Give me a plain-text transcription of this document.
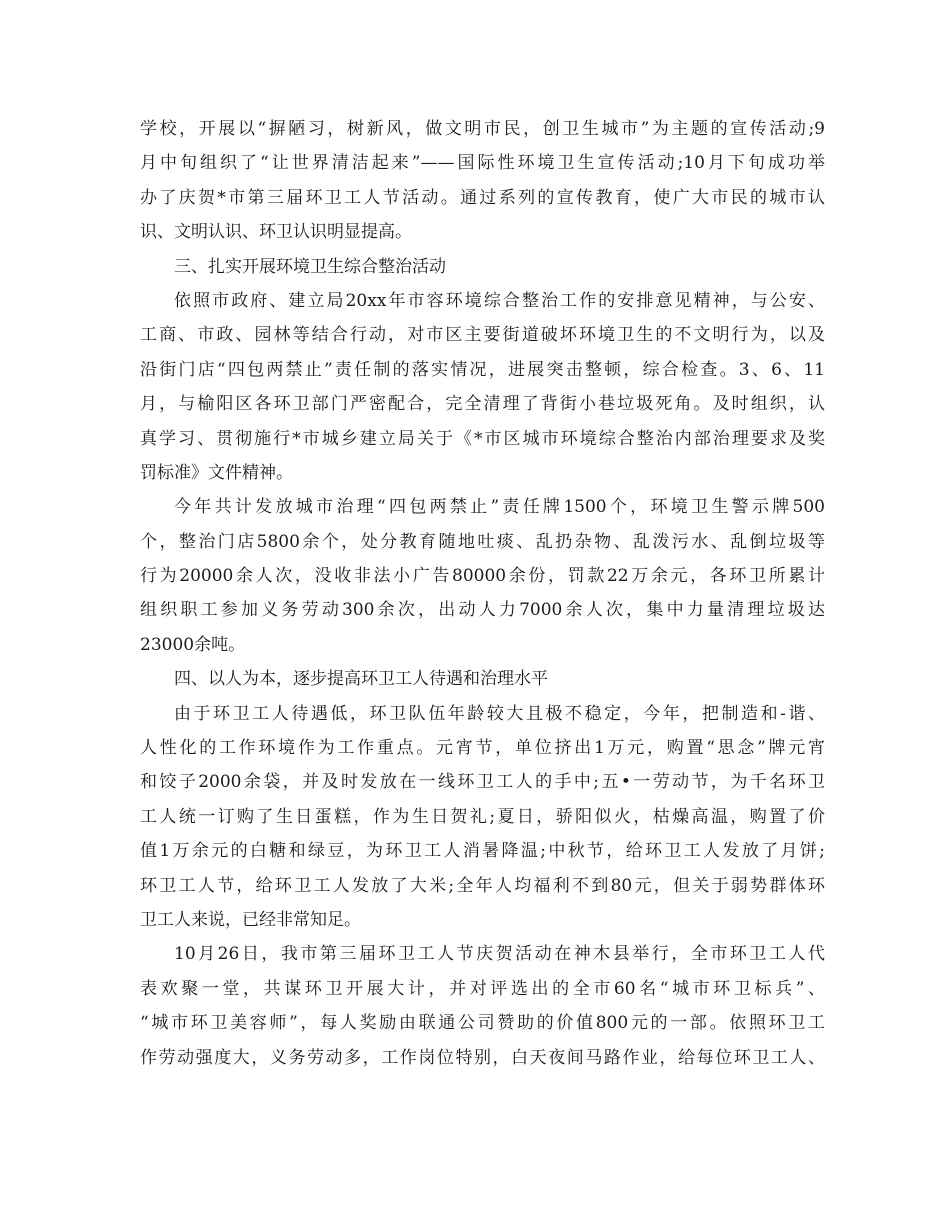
学校，开展以“摒陋习，树新风，做文明市民，创卫生城市”为主题的宣传活动;9
月中旬组织了“让世界清洁起来”——国际性环境卫生宣传活动;10月下旬成功举
办了庆贺*市第三届环卫工人节活动。通过系列的宣传教育，使广大市民的城市认
识、文明认识、环卫认识明显提高。
三、扎实开展环境卫生综合整治活动
依照市政府、建立局20xx年市容环境综合整治工作的安排意见精神，与公安、
工商、市政、园林等结合行动，对市区主要街道破坏环境卫生的不文明行为，以及
沿街门店“四包两禁止”责任制的落实情况，进展突击整顿，综合检查。3、6、11
月，与榆阳区各环卫部门严密配合，完全清理了背街小巷垃圾死角。及时组织，认
真学习、贯彻施行*市城乡建立局关于《*市区城市环境综合整治内部治理要求及奖
罚标准》文件精神。
今年共计发放城市治理“四包两禁止”责任牌1500个，环境卫生警示牌500
个，整治门店5800余个，处分教育随地吐痰、乱扔杂物、乱泼污水、乱倒垃圾等
行为20000余人次，没收非法小广告80000余份，罚款22万余元，各环卫所累计
组织职工参加义务劳动300余次，出动人力7000余人次，集中力量清理垃圾达
23000余吨。
四、以人为本，逐步提高环卫工人待遇和治理水平
由于环卫工人待遇低，环卫队伍年龄较大且极不稳定，今年，把制造和-谐、
人性化的工作环境作为工作重点。元宵节，单位挤出1万元，购置“思念”牌元宵
和饺子2000余袋，并及时发放在一线环卫工人的手中;五•一劳动节，为千名环卫
工人统一订购了生日蛋糕，作为生日贺礼;夏日，骄阳似火，枯燥高温，购置了价
值1万余元的白糖和绿豆，为环卫工人消暑降温;中秋节，给环卫工人发放了月饼;
环卫工人节，给环卫工人发放了大米;全年人均福利不到80元，但关于弱势群体环
卫工人来说，已经非常知足。
10月26日，我市第三届环卫工人节庆贺活动在神木县举行，全市环卫工人代
表欢聚一堂，共谋环卫开展大计，并对评选出的全市60名“城市环卫标兵”、
“城市环卫美容师”，每人奖励由联通公司赞助的价值800元的一部。依照环卫工
作劳动强度大，义务劳动多，工作岗位特别，白天夜间马路作业，给每位环卫工人、
